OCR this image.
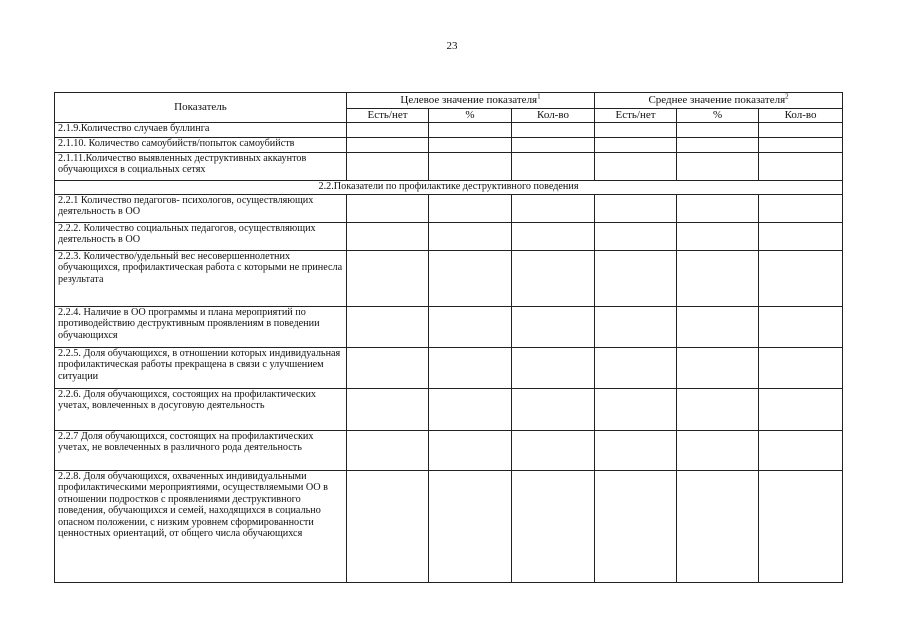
23
Показатель	Целевое значение показателя$^1$			Среднее значение показателя$^2$
	Есть/нет	%	Кол-во	Есть/нет	%	Кол-во
2.1.9.Количество случаев буллинга						
2.1.10. Количество самоубийств/попыток самоубийств						
2.1.11.Количество выявленных деструктивных аккаунтов обучающихся в социальных сетях						
2.2.Показатели по профилактике деструктивного поведения						
2.2.1 Количество педагогов- психологов, осуществляющих деятельность в ОО						
2.2.2. Количество социальных педагогов, осуществляющих деятельность в ОО						
2.2.3. Количество/удельный вес несовершеннолетних обучающихся, профилактическая работа с которыми не принесла результата						
2.2.4. Наличие в ОО программы и плана мероприятий по противодействию деструктивным проявлениям в поведении обучающихся						
2.2.5. Доля обучающихся, в отношении которых индивидуальная профилактическая работы прекращена в связи с улучшением ситуации						
2.2.6. Доля обучающихся, состоящих на профилактических учетах, вовлеченных в досуговую деятельность						
2.2.7 Доля обучающихся, состоящих на профилактических учетах, не вовлеченных в различного рода деятельность						
2.2.8. Доля обучающихся, охваченных индивидуальными профилактическими мероприятиями, осуществляемыми ОО в отношении подростков с проявлениями деструктивного поведения, обучающихся и семей, находящихся в социально опасном положении, с низким уровнем сформированности ценностных ориентаций, от общего числа обучающихся						
